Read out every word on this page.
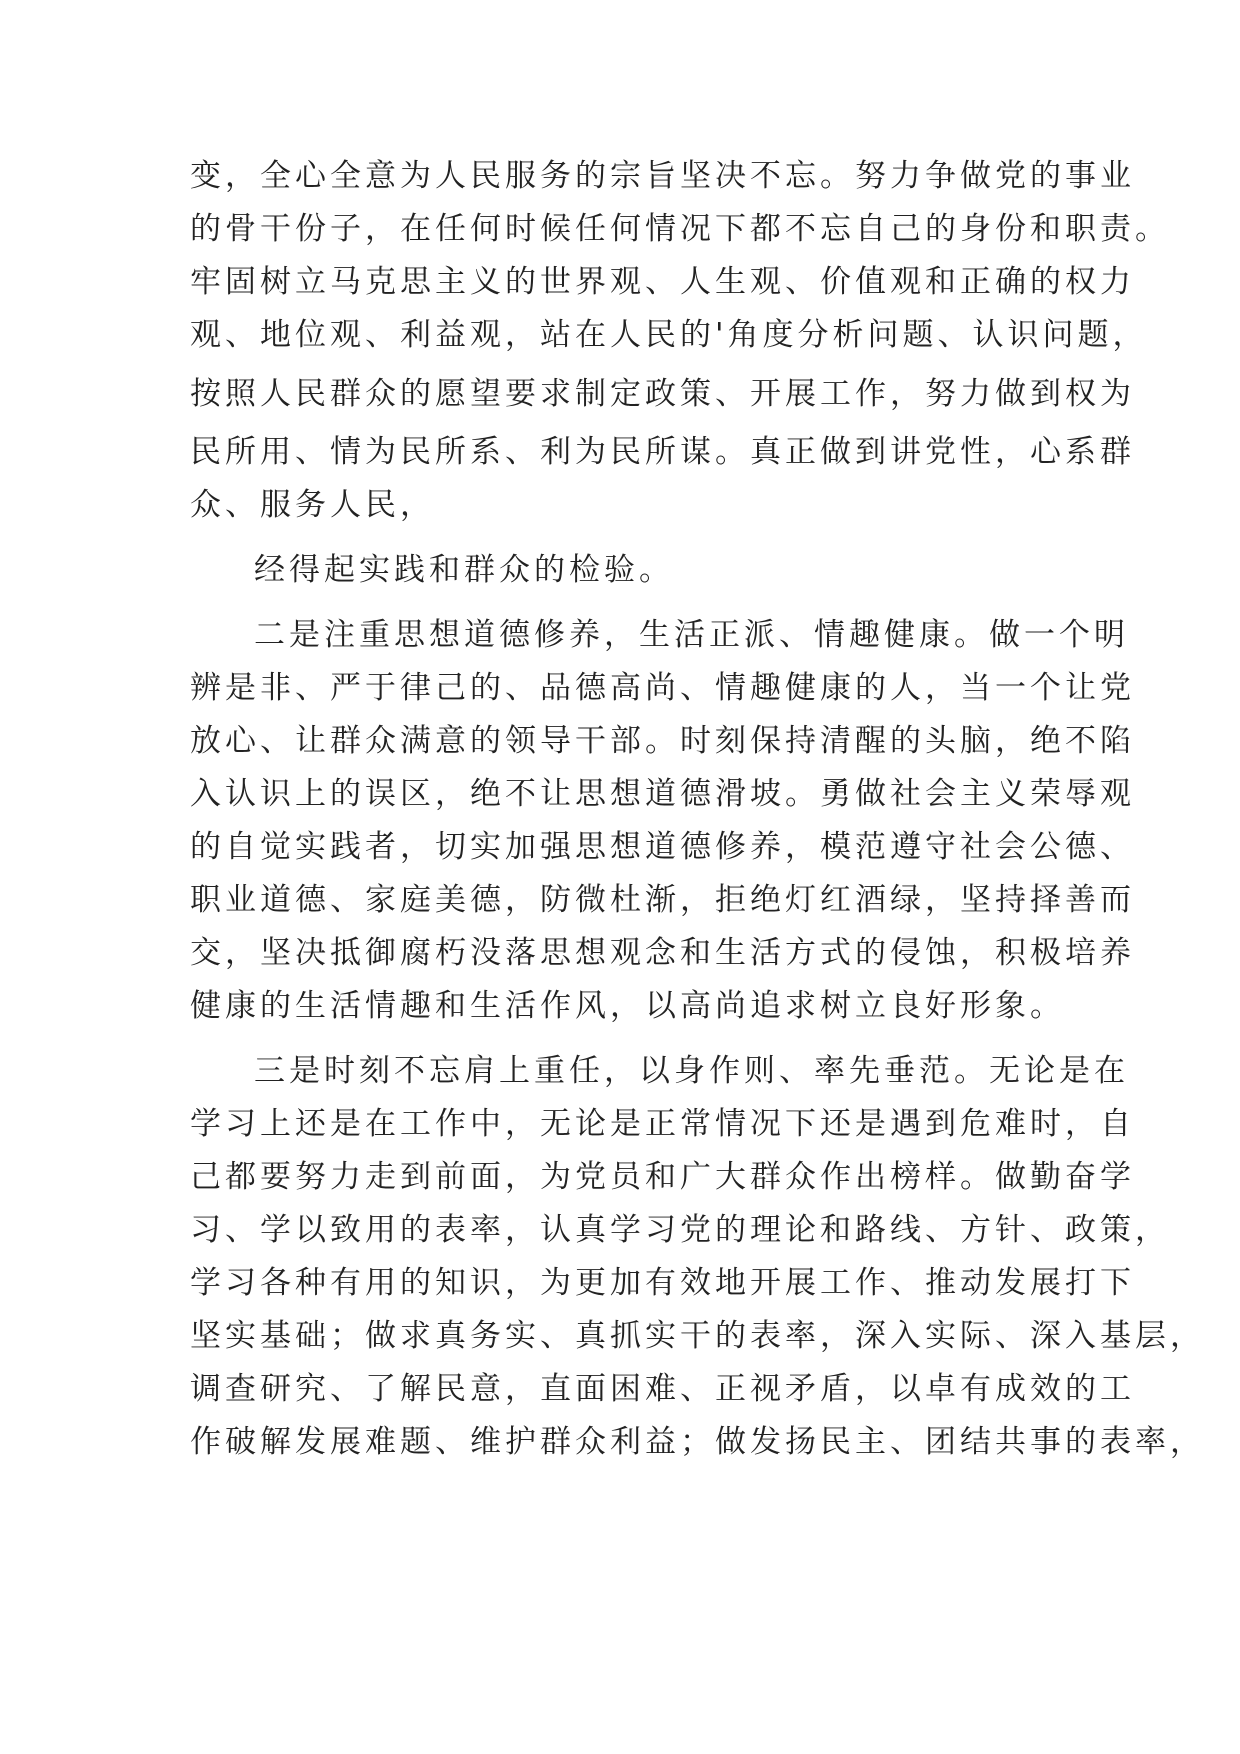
变，全心全意为人民服务的宗旨坚决不忘。努力争做党的事业
的骨干份子，在任何时候任何情况下都不忘自己的身份和职责。
牢固树立马克思主义的世界观、人生观、价值观和正确的权力
观、地位观、利益观，站在人民的'角度分析问题、认识问题，
按照人民群众的愿望要求制定政策、开展工作，努力做到权为
民所用、情为民所系、利为民所谋。真正做到讲党性，心系群
众、服务人民，
经得起实践和群众的检验。
二是注重思想道德修养，生活正派、情趣健康。做一个明
辨是非、严于律己的、品德高尚、情趣健康的人，当一个让党
放心、让群众满意的领导干部。时刻保持清醒的头脑，绝不陷
入认识上的误区，绝不让思想道德滑坡。勇做社会主义荣辱观
的自觉实践者，切实加强思想道德修养，模范遵守社会公德、
职业道德、家庭美德，防微杜渐，拒绝灯红酒绿，坚持择善而
交，坚决抵御腐朽没落思想观念和生活方式的侵蚀，积极培养
健康的生活情趣和生活作风，以高尚追求树立良好形象。
三是时刻不忘肩上重任，以身作则、率先垂范。无论是在
学习上还是在工作中，无论是正常情况下还是遇到危难时，自
己都要努力走到前面，为党员和广大群众作出榜样。做勤奋学
习、学以致用的表率，认真学习党的理论和路线、方针、政策，
学习各种有用的知识，为更加有效地开展工作、推动发展打下
坚实基础；做求真务实、真抓实干的表率，深入实际、深入基层，
调查研究、了解民意，直面困难、正视矛盾，以卓有成效的工
作破解发展难题、维护群众利益；做发扬民主、团结共事的表率，
